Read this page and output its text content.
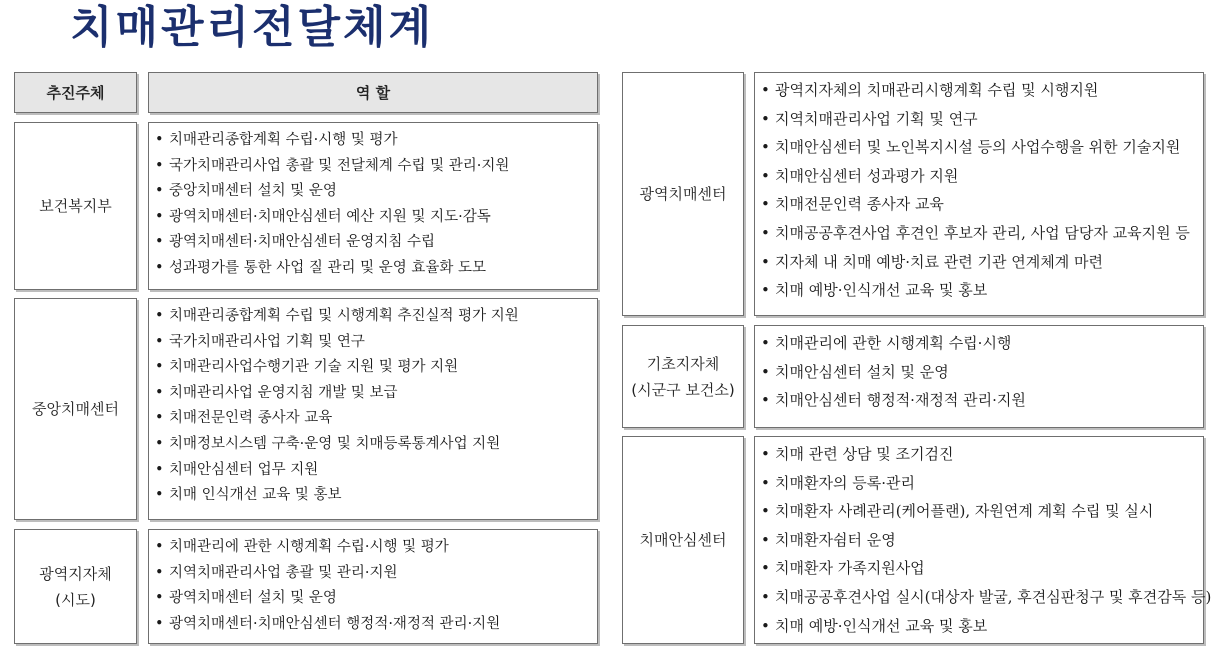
치매관리전달체계
추진주체	역 할
보건복지부
• 치매관리종합계획 수립·시행 및 평가
• 국가치매관리사업 총괄 및 전달체계 수립 및 관리·지원
• 중앙치매센터 설치 및 운영
• 광역치매센터·치매안심센터 예산 지원 및 지도·감독
• 광역치매센터·치매안심센터 운영지침 수립
• 성과평가를 통한 사업 질 관리 및 운영 효율화 도모
중앙치매센터
• 치매관리종합계획 수립 및 시행계획 추진실적 평가 지원
• 국가치매관리사업 기획 및 연구
• 치매관리사업수행기관 기술 지원 및 평가 지원
• 치매관리사업 운영지침 개발 및 보급
• 치매전문인력 종사자 교육
• 치매정보시스템 구축·운영 및 치매등록통계사업 지원
• 치매안심센터 업무 지원
• 치매 인식개선 교육 및 홍보
광역지자체
(시도)
• 치매관리에 관한 시행계획 수립·시행 및 평가
• 지역치매관리사업 총괄 및 관리·지원
• 광역치매센터 설치 및 운영
• 광역치매센터·치매안심센터 행정적·재정적 관리·지원
광역치매센터
• 광역지자체의 치매관리시행계획 수립 및 시행지원
• 지역치매관리사업 기획 및 연구
• 치매안심센터 및 노인복지시설 등의 사업수행을 위한 기술지원
• 치매안심센터 성과평가 지원
• 치매전문인력 종사자 교육
• 치매공공후견사업 후견인 후보자 관리, 사업 담당자 교육지원 등
• 지자체 내 치매 예방·치료 관련 기관 연계체계 마련
• 치매 예방·인식개선 교육 및 홍보
기초지자체
(시군구 보건소)
• 치매관리에 관한 시행계획 수립·시행
• 치매안심센터 설치 및 운영
• 치매안심센터 행정적·재정적 관리·지원
치매안심센터
• 치매 관련 상담 및 조기검진
• 치매환자의 등록·관리
• 치매환자 사례관리(케어플랜), 자원연계 계획 수립 및 실시
• 치매환자쉼터 운영
• 치매환자 가족지원사업
• 치매공공후견사업 실시(대상자 발굴, 후견심판청구 및 후견감독 등)
• 치매 예방·인식개선 교육 및 홍보
